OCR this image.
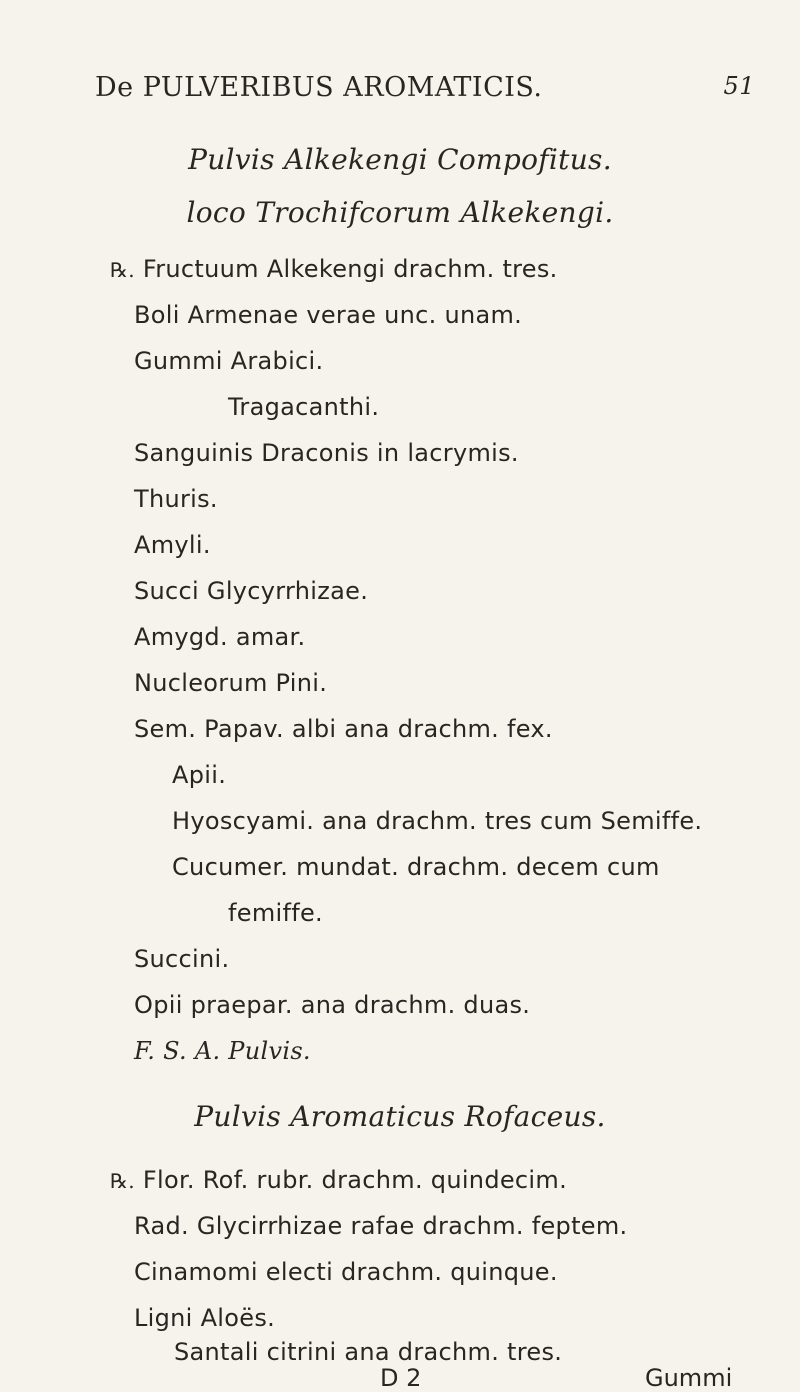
De PULVERIBUS AROMATICIS.	51
Pulvis Alkekengi Compofitus.
loco Trochifcorum Alkekengi.
℞. Fructuum Alkekengi drachm. tres.
Boli Armenae verae unc. unam.
Gummi Arabici.
Tragacanthi.
Sanguinis Draconis in lacrymis.
Thuris.
Amyli.
Succi Glycyrrhizae.
Amygd. amar.
Nucleorum Pini.
Sem. Papav. albi ana drachm. fex.
Apii.
Hyoscyami. ana drachm. tres cum Semiffe.
Cucumer. mundat. drachm. decem cum
femiffe.
Succini.
Opii praepar. ana drachm. duas.
F. S. A. Pulvis.
Pulvis Aromaticus Rofaceus.
℞. Flor. Rof. rubr. drachm. quindecim.
Rad. Glycirrhizae rafae drachm. feptem.
Cinamomi electi drachm. quinque.
Ligni Aloës.
Santali citrini ana drachm. tres.
D 2	Gummi
